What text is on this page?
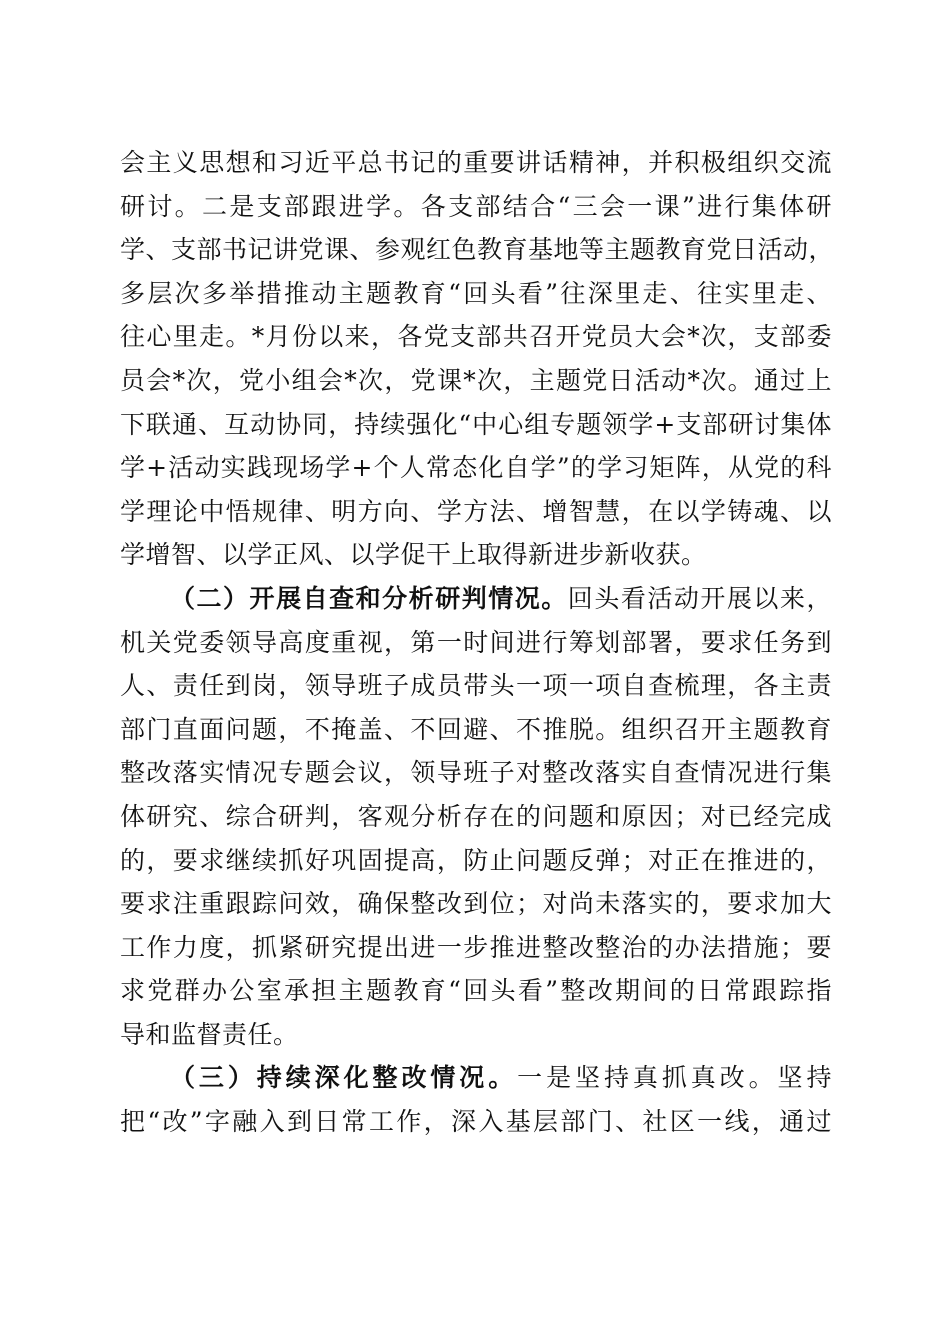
会主义思想和习近平总书记的重要讲话精神，并积极组织交流
研讨。二是支部跟进学。各支部结合“三会一课”进行集体研
学、支部书记讲党课、参观红色教育基地等主题教育党日活动，
多层次多举措推动主题教育“回头看”往深里走、往实里走、
往心里走。*月份以来，各党支部共召开党员大会*次，支部委
员会*次，党小组会*次，党课*次，主题党日活动*次。通过上
下联通、互动协同，持续强化“中心组专题领学+支部研讨集体
学+活动实践现场学+个人常态化自学”的学习矩阵，从党的科
学理论中悟规律、明方向、学方法、增智慧，在以学铸魂、以
学增智、以学正风、以学促干上取得新进步新收获。
（二）开展自查和分析研判情况。回头看活动开展以来，
机关党委领导高度重视，第一时间进行筹划部署，要求任务到
人、责任到岗，领导班子成员带头一项一项自查梳理，各主责
部门直面问题，不掩盖、不回避、不推脱。组织召开主题教育
整改落实情况专题会议，领导班子对整改落实自查情况进行集
体研究、综合研判，客观分析存在的问题和原因；对已经完成
的，要求继续抓好巩固提高，防止问题反弹；对正在推进的，
要求注重跟踪问效，确保整改到位；对尚未落实的，要求加大
工作力度，抓紧研究提出进一步推进整改整治的办法措施；要
求党群办公室承担主题教育“回头看”整改期间的日常跟踪指
导和监督责任。
（三）持续深化整改情况。一是坚持真抓真改。坚持
把“改”字融入到日常工作，深入基层部门、社区一线，通过
